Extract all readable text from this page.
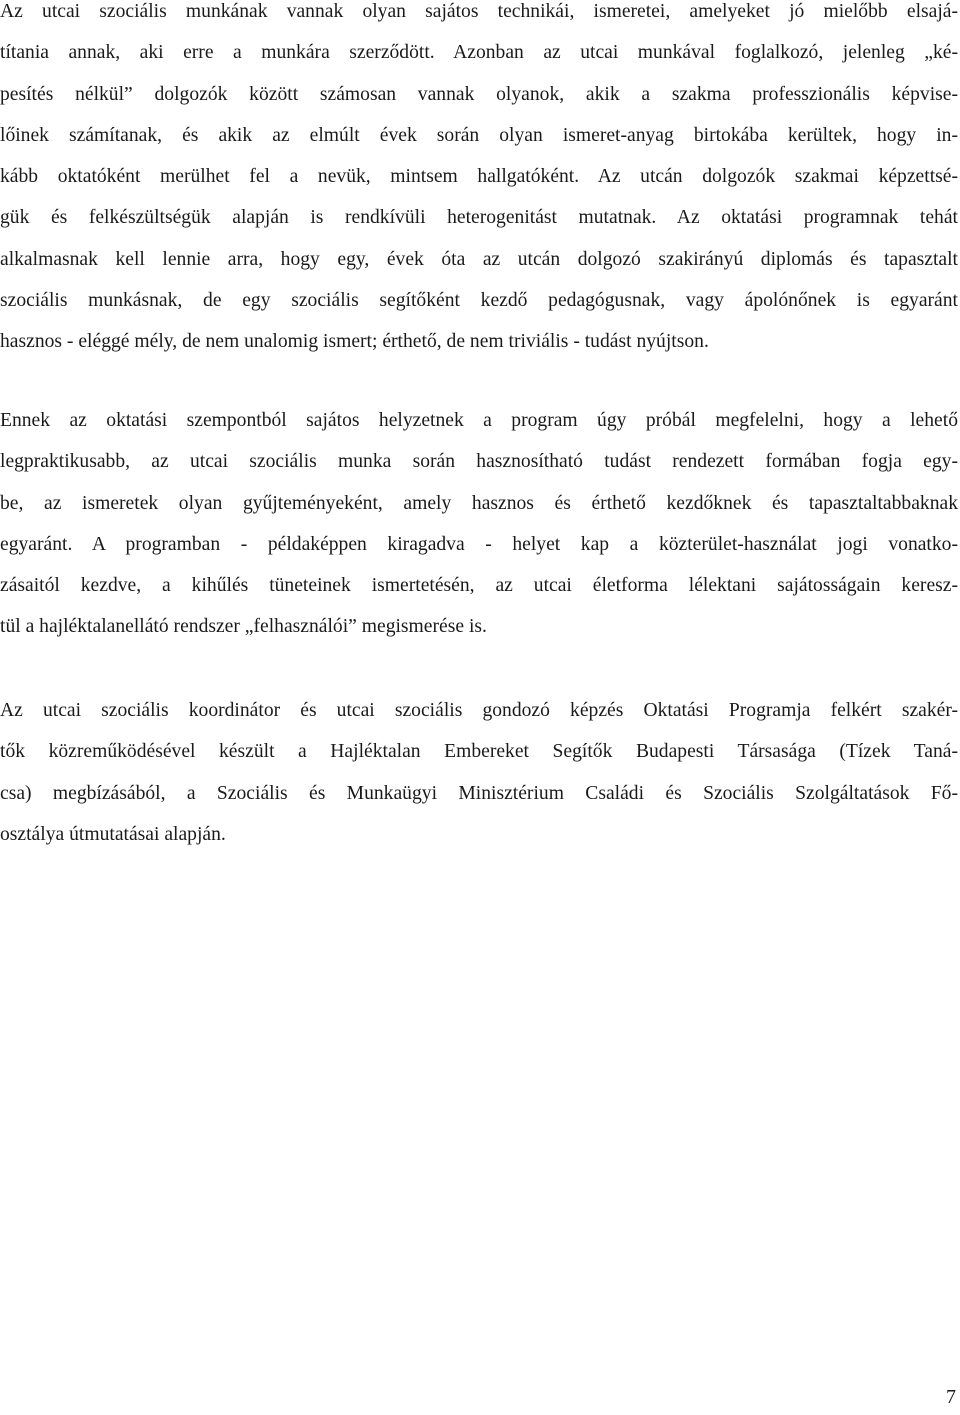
Az utcai szociális munkának vannak olyan sajátos technikái, ismeretei, amelyeket jó mielőbb elsajá-
títania annak, aki erre a munkára szerződött. Azonban az utcai munkával foglalkozó, jelenleg „ké-
pesítés nélkül” dolgozók között számosan vannak olyanok, akik a szakma professzionális képvise-
lőinek számítanak, és akik az elmúlt évek során olyan ismeret-anyag birtokába kerültek, hogy in-
kább oktatóként merülhet fel a nevük, mintsem hallgatóként. Az utcán dolgozók szakmai képzettsé-
gük és felkészültségük alapján is rendkívüli heterogenitást mutatnak. Az oktatási programnak tehát
alkalmasnak kell lennie arra, hogy egy, évek óta az utcán dolgozó szakirányú diplomás és tapasztalt
szociális munkásnak, de egy szociális segítőként kezdő pedagógusnak, vagy ápolónőnek is egyaránt
hasznos - eléggé mély, de nem unalomig ismert; érthető, de nem triviális - tudást nyújtson.

Ennek az oktatási szempontból sajátos helyzetnek a program úgy próbál megfelelni, hogy a lehető
legpraktikusabb, az utcai szociális munka során hasznosítható tudást rendezett formában fogja egy-
be, az ismeretek olyan gyűjteményeként, amely hasznos és érthető kezdőknek és tapasztaltabbaknak
egyaránt. A programban - példaképpen kiragadva - helyet kap a közterület-használat jogi vonatko-
zásaitól kezdve, a kihűlés tüneteinek ismertetésén, az utcai életforma lélektani sajátosságain keresz-
tül a hajléktalanellátó rendszer „felhasználói” megismerése is.

Az utcai szociális koordinátor és utcai szociális gondozó képzés Oktatási Programja felkért szakér-
tők közreműködésével készült a Hajléktalan Embereket Segítők Budapesti Társasága (Tízek Taná-
csa) megbízásából, a Szociális és Munkaügyi Minisztérium Családi és Szociális Szolgáltatások Fő-
osztálya útmutatásai alapján.

7
